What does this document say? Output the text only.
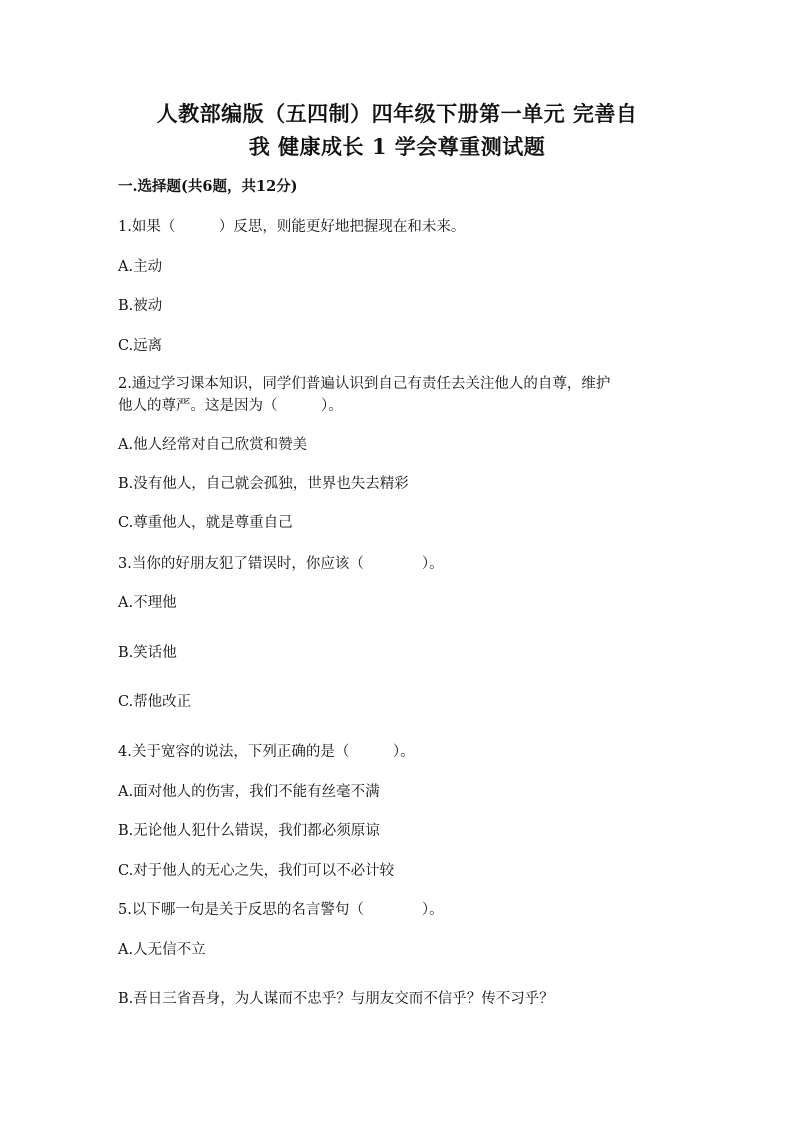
人教部编版（五四制）四年级下册第一单元 完善自
我 健康成长 1 学会尊重测试题
一.选择题(共6题，共12分)
1.如果（　　　）反思，则能更好地把握现在和未来。
A.主动
B.被动
C.远离
2.通过学习课本知识，同学们普遍认识到自己有责任去关注他人的自尊，维护
他人的尊严。这是因为（　　　）。
A.他人经常对自己欣赏和赞美
B.没有他人，自己就会孤独，世界也失去精彩
C.尊重他人，就是尊重自己
3.当你的好朋友犯了错误时，你应该（　　　　）。
A.不理他
B.笑话他
C.帮他改正
4.关于宽容的说法，下列正确的是（　　　）。
A.面对他人的伤害，我们不能有丝毫不满
B.无论他人犯什么错误，我们都必须原谅
C.对于他人的无心之失，我们可以不必计较
5.以下哪一句是关于反思的名言警句（　　　　）。
A.人无信不立
B.吾日三省吾身，为人谋而不忠乎？与朋友交而不信乎？传不习乎？
